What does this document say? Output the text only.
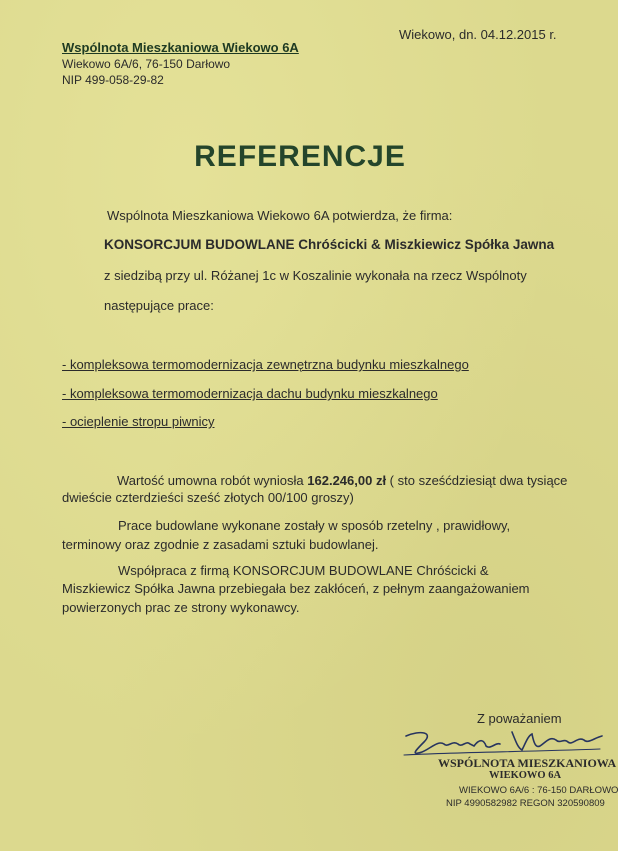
Wiekowo, dn. 04.12.2015 r.
Wspólnota Mieszkaniowa Wiekowo 6A
Wiekowo 6A/6, 76-150 Darłowo
NIP 499-058-29-82
REFERENCJE
Wspólnota Mieszkaniowa Wiekowo 6A potwierdza, że firma:
KONSORCJUM BUDOWLANE Chróścicki & Miszkiewicz Spółka Jawna
z siedzibą przy ul. Różanej 1c w Koszalinie wykonała na rzecz Wspólnoty
następujące prace:
- kompleksowa termomodernizacja zewnętrzna budynku mieszkalnego
- kompleksowa termomodernizacja dachu budynku mieszkalnego
- ocieplenie stropu piwnicy
Wartość umowna robót wyniosła 162.246,00 zł ( sto sześćdziesiąt dwa tysiące
dwieście czterdzieści sześć złotych 00/100 groszy)
Prace budowlane wykonane zostały w sposób rzetelny , prawidłowy,
terminowy oraz zgodnie z zasadami sztuki budowlanej.
Współpraca z firmą KONSORCJUM BUDOWLANE Chróścicki &
Miszkiewicz Spółka Jawna przebiegała bez zakłóceń, z pełnym zaangażowaniem
powierzonych prac ze strony wykonawcy.
Z poważaniem
WSPÓLNOTA MIESZKANIOWA
WIEKOWO 6A
WIEKOWO 6A/6 : 76-150 DARŁOWO
NIP 4990582982 REGON 320590809
